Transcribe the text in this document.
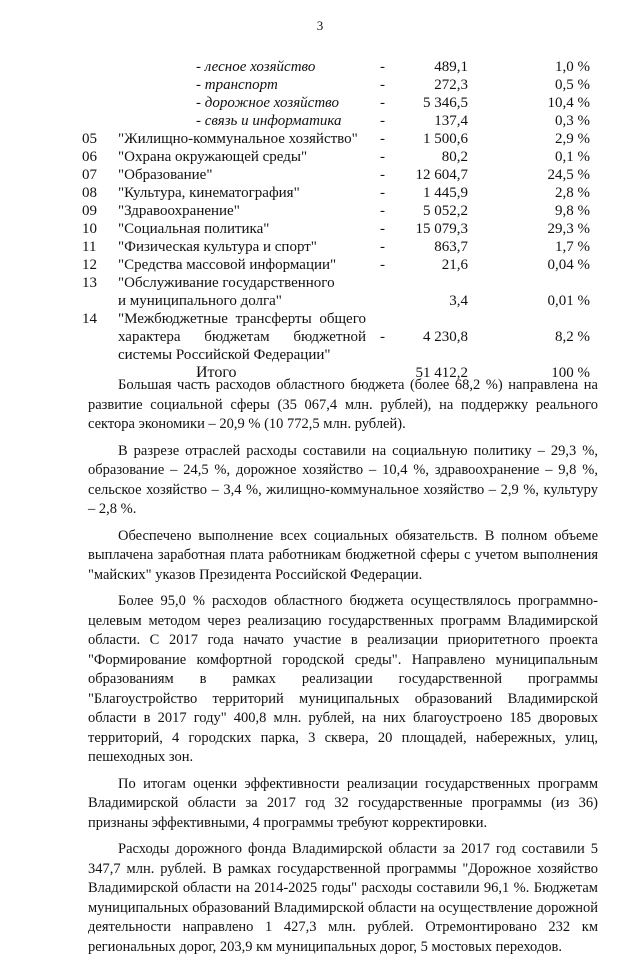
3
- лесное хозяйство	-	489,1	1,0 %
- транспорт	-	272,3	0,5 %
- дорожное хозяйство	-	5 346,5	10,4 %
- связь и информатика	-	137,4	0,3 %
05 "Жилищно-коммунальное хозяйство"	-	1 500,6	2,9 %
06 "Охрана окружающей среды"	-	80,2	0,1 %
07 "Образование"	- 12 604,7	24,5 %
08 "Культура, кинематография"	-	1 445,9	2,8 %
09 "Здравоохранение"	-	5 052,2	9,8 %
10 "Социальная политика"	- 15 079,3	29,3 %
11 "Физическая культура и спорт"	-	863,7	1,7 %
12 "Средства массовой информации"	-	21,6	0,04 %
13 "Обслуживание государственного
и муниципального долга"	3,4	0,01 %
14 "Межбюджетные трансферты общего
характера бюджетам бюджетной
системы Российской Федерации"
-	4 230,8	8,2 %
Итого	51 412,2	100 %

Большая часть расходов областного бюджета (более 68,2 %) направлена на развитие социальной сферы (35 067,4 млн. рублей), на поддержку реального сектора экономики – 20,9 % (10 772,5 млн. рублей).

В разрезе отраслей расходы составили на социальную политику – 29,3 %, образование – 24,5 %, дорожное хозяйство – 10,4 %, здравоохранение – 9,8 %, сельское хозяйство – 3,4 %, жилищно-коммунальное хозяйство – 2,9 %, культуру – 2,8 %.

Обеспечено выполнение всех социальных обязательств. В полном объеме выплачена заработная плата работникам бюджетной сферы с учетом выполнения "майских" указов Президента Российской Федерации.

Более 95,0 % расходов областного бюджета осуществлялось программно-целевым методом через реализацию государственных программ Владимирской области. С 2017 года начато участие в реализации приоритетного проекта "Формирование комфортной городской среды". Направлено муниципальным образованиям в рамках реализации государственной программы "Благоустройство территорий муниципальных образований Владимирской области в 2017 году" 400,8 млн. рублей, на них благоустроено 185 дворовых территорий, 4 городских парка, 3 сквера, 20 площадей, набережных, улиц, пешеходных зон.

По итогам оценки эффективности реализации государственных программ Владимирской области за 2017 год 32 государственные программы (из 36) признаны эффективными, 4 программы требуют корректировки.

Расходы дорожного фонда Владимирской области за 2017 год составили 5 347,7 млн. рублей. В рамках государственной программы "Дорожное хозяйство Владимирской области на 2014-2025 годы" расходы составили 96,1 %. Бюджетам муниципальных образований Владимирской области на осуществление дорожной деятельности направлено 1 427,3 млн. рублей. Отремонтировано 232 км региональных дорог, 203,9 км муниципальных дорог, 5 мостовых переходов.
